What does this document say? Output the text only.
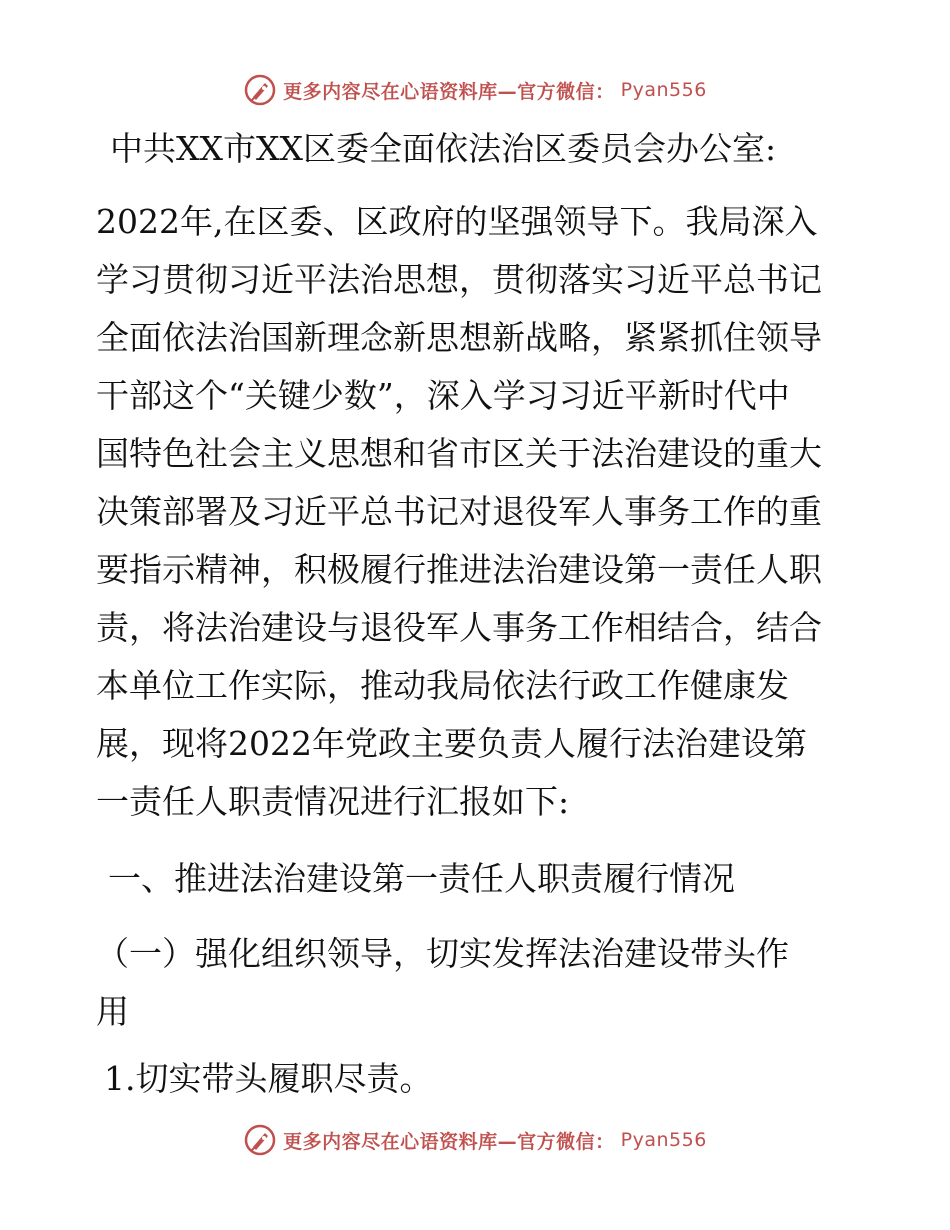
更多内容尽在心语资料库—官方微信： Pyan556

中共XX市XX区委全面依法治区委员会办公室:

2022年,在区委、区政府的坚强领导下。我局深入
学习贯彻习近平法治思想，贯彻落实习近平总书记
全面依法治国新理念新思想新战略，紧紧抓住领导
干部这个“关键少数”，深入学习习近平新时代中
国特色社会主义思想和省市区关于法治建设的重大
决策部署及习近平总书记对退役军人事务工作的重
要指示精神，积极履行推进法治建设第一责任人职
责，将法治建设与退役军人事务工作相结合，结合
本单位工作实际，推动我局依法行政工作健康发
展，现将2022年党政主要负责人履行法治建设第
一责任人职责情况进行汇报如下:

一、推进法治建设第一责任人职责履行情况

（一）强化组织领导，切实发挥法治建设带头作
用

1.切实带头履职尽责。

更多内容尽在心语资料库—官方微信： Pyan556
